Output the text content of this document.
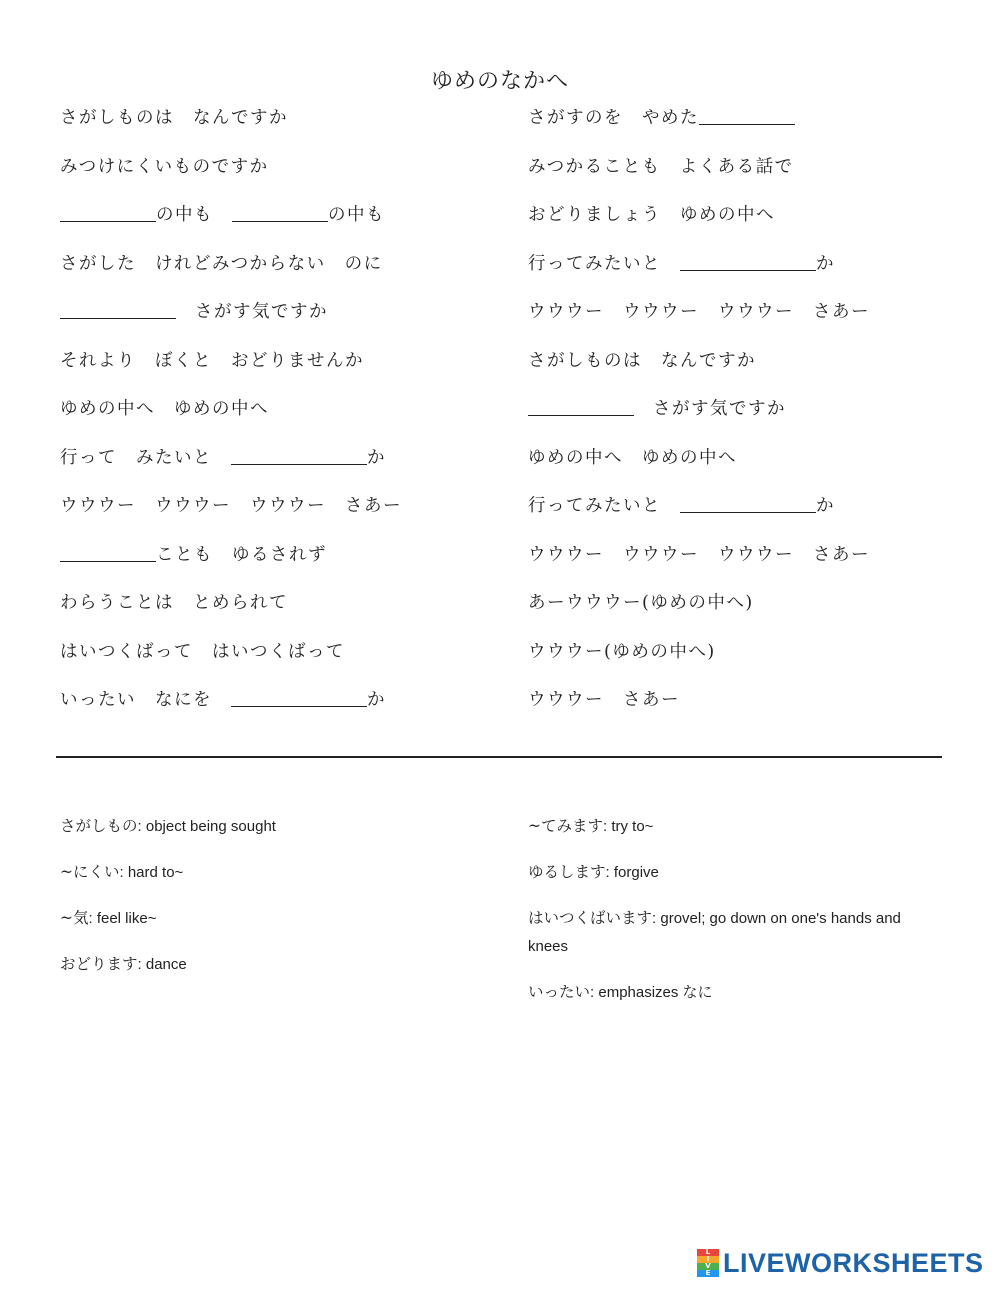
ゆめのなかへ
さがしものは　なんですか
みつけにくいものですか
の中も　	の中も
さがした　けれどみつからない　のに
　さがす気ですか
それより　ぼくと　おどりませんか
ゆめの中へ　ゆめの中へ
行って　みたいと　	か
ウウウー　ウウウー　ウウウー　さあー
ことも　ゆるされず
わらうことは　とめられて
はいつくばって　はいつくばって
いったい　なにを　	か
さがすのを　やめた
みつかることも　よくある話で
おどりましょう　ゆめの中へ
行ってみたいと　	か
ウウウー　ウウウー　ウウウー　さあー
さがしものは　なんですか
　さがす気ですか
ゆめの中へ　ゆめの中へ
行ってみたいと　	か
ウウウー　ウウウー　ウウウー　さあー
あーウウウー(ゆめの中へ)
ウウウー(ゆめの中へ)
ウウウー　さあー
さがしもの: object being sought
~にくい: hard to~
~気: feel like~
おどります: dance
~てみます: try to~
ゆるします: forgive
はいつくばいます: grovel; go down on one's hands and knees
いったい: emphasizes なに
L
I
V
E LIVEWORKSHEETS
